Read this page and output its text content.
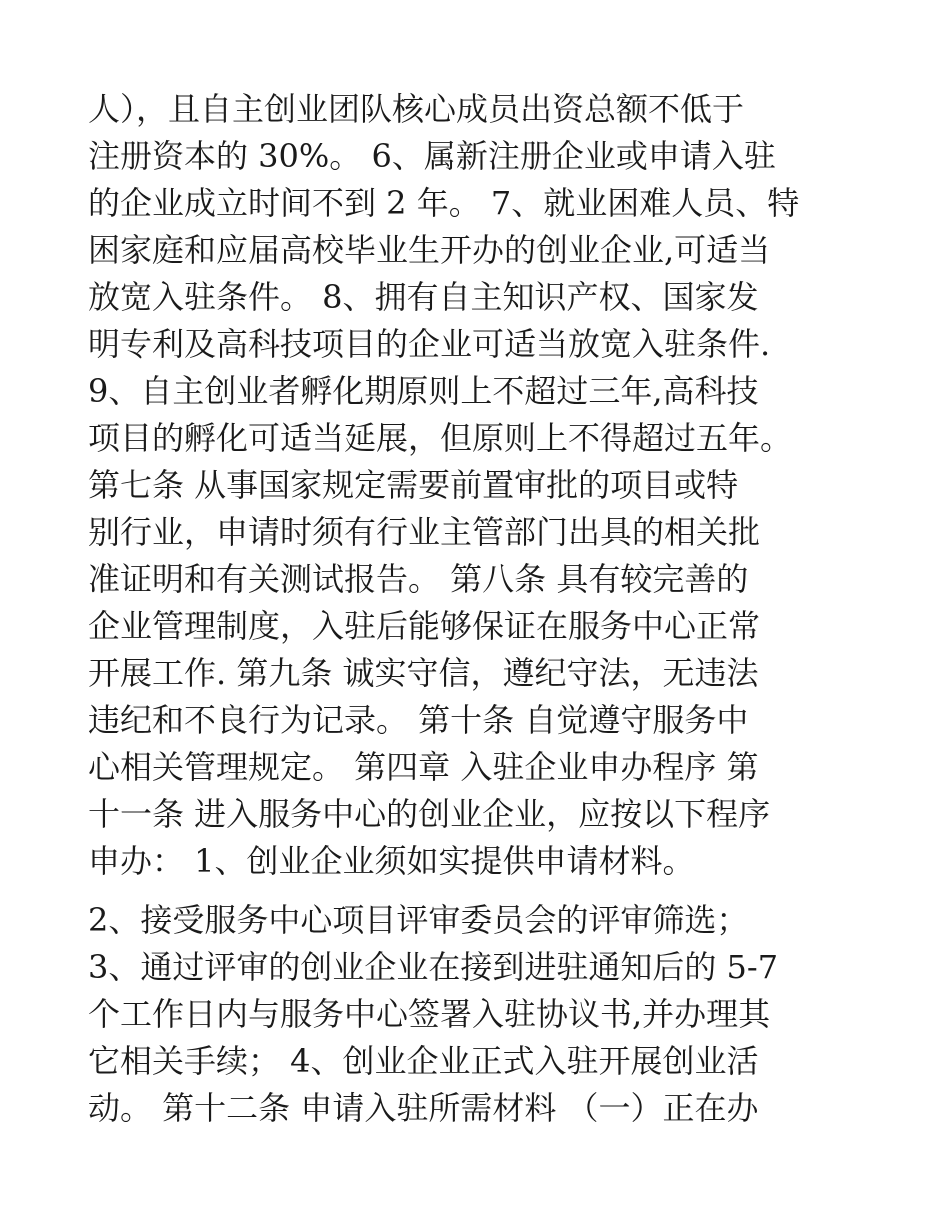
人），且自主创业团队核心成员出资总额不低于
注册资本的 30%。 6、属新注册企业或申请入驻
的企业成立时间不到 2 年。 7、就业困难人员、特
困家庭和应届高校毕业生开办的创业企业,可适当
放宽入驻条件。 8、拥有自主知识产权、国家发
明专利及高科技项目的企业可适当放宽入驻条件.
9、自主创业者孵化期原则上不超过三年,高科技
项目的孵化可适当延展，但原则上不得超过五年。
第七条 从事国家规定需要前置审批的项目或特
别行业，申请时须有行业主管部门出具的相关批
准证明和有关测试报告。 第八条 具有较完善的
企业管理制度，入驻后能够保证在服务中心正常
开展工作. 第九条 诚实守信，遵纪守法，无违法
违纪和不良行为记录。 第十条 自觉遵守服务中
心相关管理规定。 第四章 入驻企业申办程序 第
十一条 进入服务中心的创业企业，应按以下程序
申办： 1、创业企业须如实提供申请材料。
2、接受服务中心项目评审委员会的评审筛选；
3、通过评审的创业企业在接到进驻通知后的 5-7
个工作日内与服务中心签署入驻协议书,并办理其
它相关手续； 4、创业企业正式入驻开展创业活
动。 第十二条 申请入驻所需材料 （一）正在办
